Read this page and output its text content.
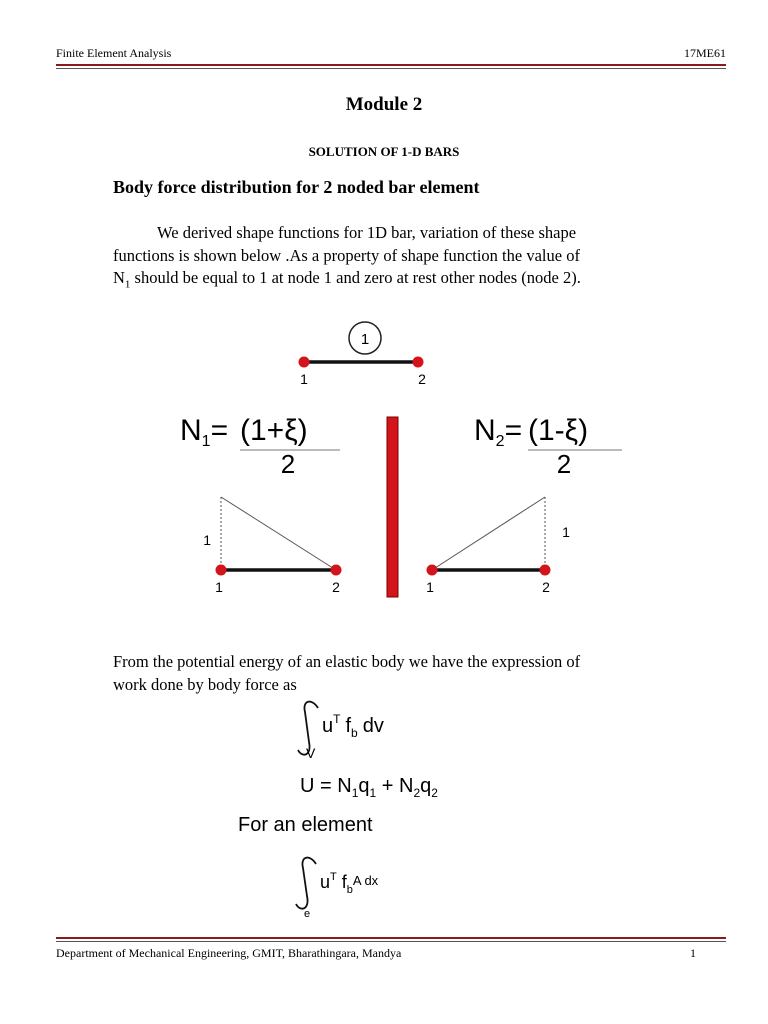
Finite Element Analysis	17ME61
Module 2
SOLUTION OF 1-D BARS
Body force distribution for 2 noded bar element
We derived shape functions for 1D bar, variation of these shape
functions is shown below .As a property of shape function the value of
$N_1$ should be equal to 1 at node 1 and zero at rest other nodes (node 2).
1
1	2
$N_1= (1+\xi)$
2
$N_2= (1-\xi)$
2
1
1	2
1
1	2
From the potential energy of an elastic body we have the expression of
work done by body force as
V
$u^T$ $f_b$ dv
$U = N_1q_1 + N_2q_2$
For an element
e
$u^T$ $f_b^{A dx}$
Department of Mechanical Engineering, GMIT, Bharathingara, Mandya	1
